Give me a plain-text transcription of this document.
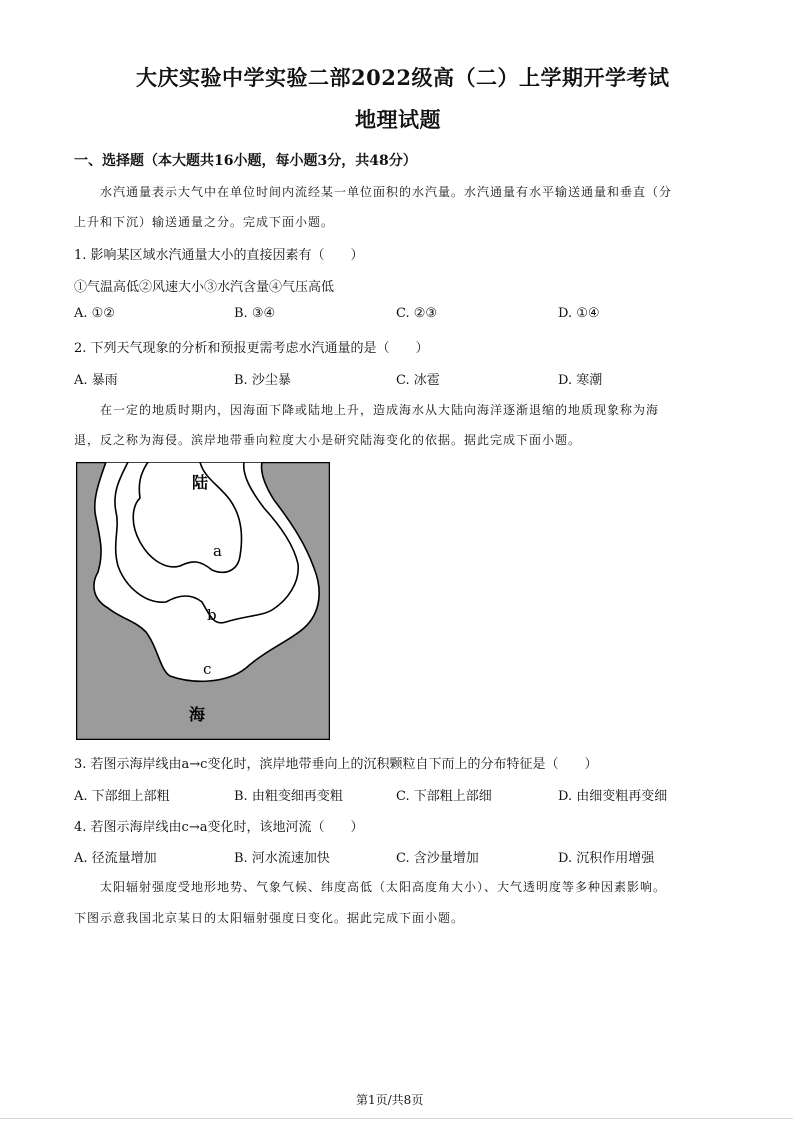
大庆实验中学实验二部2022级高（二）上学期开学考试
地理试题
一、选择题（本大题共16小题，每小题3分，共48分）
水汽通量表示大气中在单位时间内流经某一单位面积的水汽量。水汽通量有水平输送通量和垂直（分
上升和下沉）输送通量之分。完成下面小题。
1. 影响某区域水汽通量大小的直接因素有（　　）
①气温高低②风速大小③水汽含量④气压高低
A. ①②	B. ③④	C. ②③	D. ①④
2. 下列天气现象的分析和预报更需考虑水汽通量的是（　　）
A. 暴雨	B. 沙尘暴	C. 冰雹	D. 寒潮
在一定的地质时期内，因海面下降或陆地上升，造成海水从大陆向海洋逐渐退缩的地质现象称为海
退，反之称为海侵。滨岸地带垂向粒度大小是研究陆海变化的依据。据此完成下面小题。
陆
a
b
c
海
3. 若图示海岸线由a→c变化时，滨岸地带垂向上的沉积颗粒自下而上的分布特征是（　　）
A. 下部细上部粗	B. 由粗变细再变粗	C. 下部粗上部细	D. 由细变粗再变细
4. 若图示海岸线由c→a变化时，该地河流（　　）
A. 径流量增加	B. 河水流速加快	C. 含沙量增加	D. 沉积作用增强
太阳辐射强度受地形地势、气象气候、纬度高低（太阳高度角大小）、大气透明度等多种因素影响。
下图示意我国北京某日的太阳辐射强度日变化。据此完成下面小题。
第1页/共8页
